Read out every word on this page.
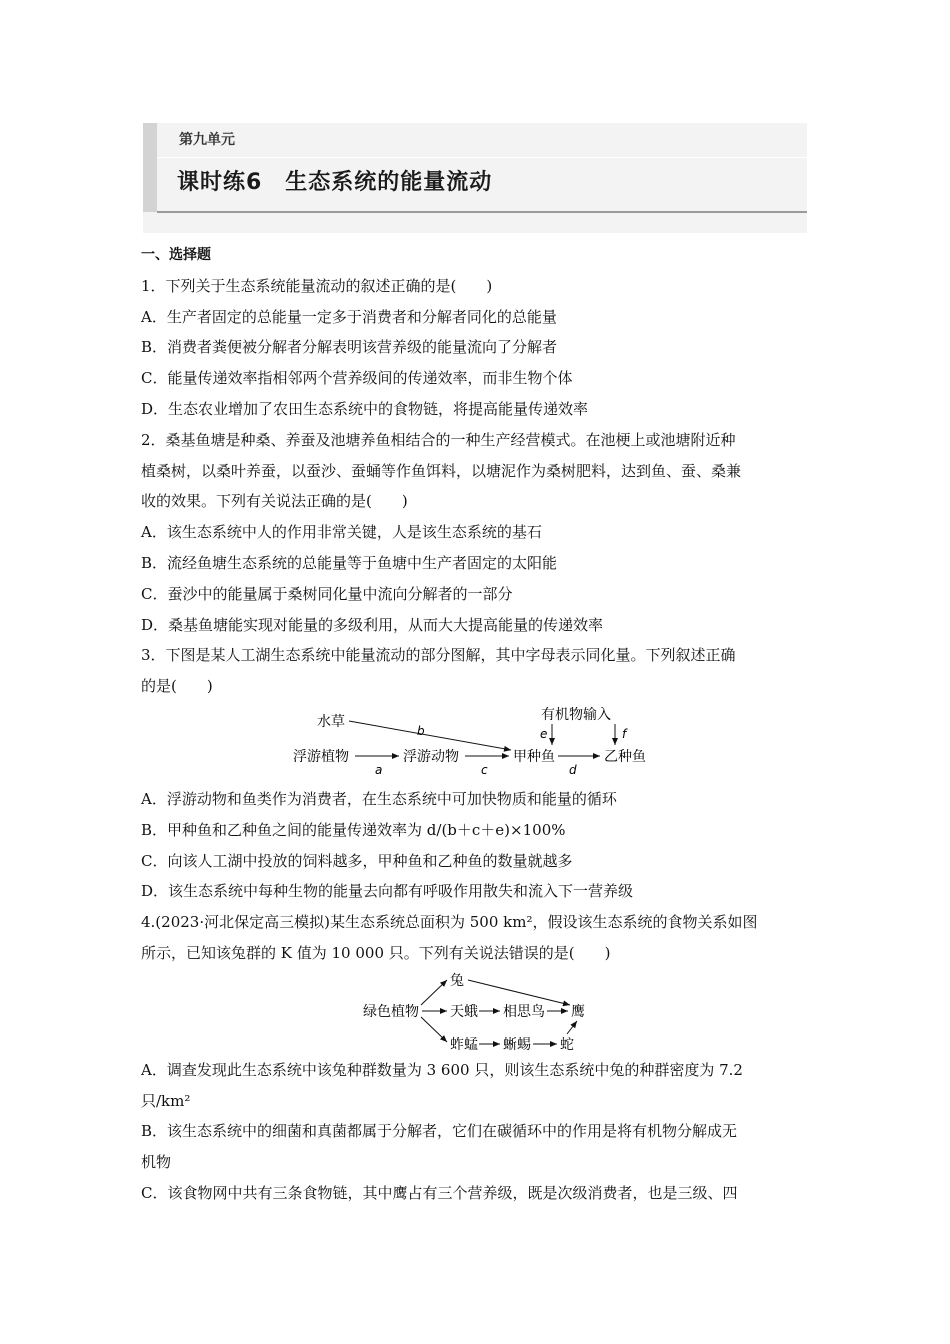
第九单元
课时练6　生态系统的能量流动
一、选择题
1．下列关于生态系统能量流动的叙述正确的是(　　)
A．生产者固定的总能量一定多于消费者和分解者同化的总能量
B．消费者粪便被分解者分解表明该营养级的能量流向了分解者
C．能量传递效率指相邻两个营养级间的传递效率，而非生物个体
D．生态农业增加了农田生态系统中的食物链，将提高能量传递效率
2．桑基鱼塘是种桑、养蚕及池塘养鱼相结合的一种生产经营模式。在池梗上或池塘附近种
植桑树，以桑叶养蚕，以蚕沙、蚕蛹等作鱼饵料，以塘泥作为桑树肥料，达到鱼、蚕、桑兼
收的效果。下列有关说法正确的是(　　)
A．该生态系统中人的作用非常关键，人是该生态系统的基石
B．流经鱼塘生态系统的总能量等于鱼塘中生产者固定的太阳能
C．蚕沙中的能量属于桑树同化量中流向分解者的一部分
D．桑基鱼塘能实现对能量的多级利用，从而大大提高能量的传递效率
3．下图是某人工湖生态系统中能量流动的部分图解，其中字母表示同化量。下列叙述正确
的是(　　)
水草
浮游植物	浮游动物	甲种鱼	乙种鱼
有机物输入
b
a	c	d
e	f
A．浮游动物和鱼类作为消费者，在生态系统中可加快物质和能量的循环
B．甲种鱼和乙种鱼之间的能量传递效率为 d/(b＋c＋e)×100%
C．向该人工湖中投放的饲料越多，甲种鱼和乙种鱼的数量就越多
D．该生态系统中每种生物的能量去向都有呼吸作用散失和流入下一营养级
4.(2023·河北保定高三模拟)某生态系统总面积为 500 km²，假设该生态系统的食物关系如图
所示，已知该兔群的 K 值为 10 000 只。下列有关说法错误的是(　　)
绿色植物
兔
天蛾 相思鸟 鹰
蚱蜢 蜥蜴 蛇
A．调查发现此生态系统中该兔种群数量为 3 600 只，则该生态系统中兔的种群密度为 7.2
只/km²
B．该生态系统中的细菌和真菌都属于分解者，它们在碳循环中的作用是将有机物分解成无
机物
C．该食物网中共有三条食物链，其中鹰占有三个营养级，既是次级消费者，也是三级、四
